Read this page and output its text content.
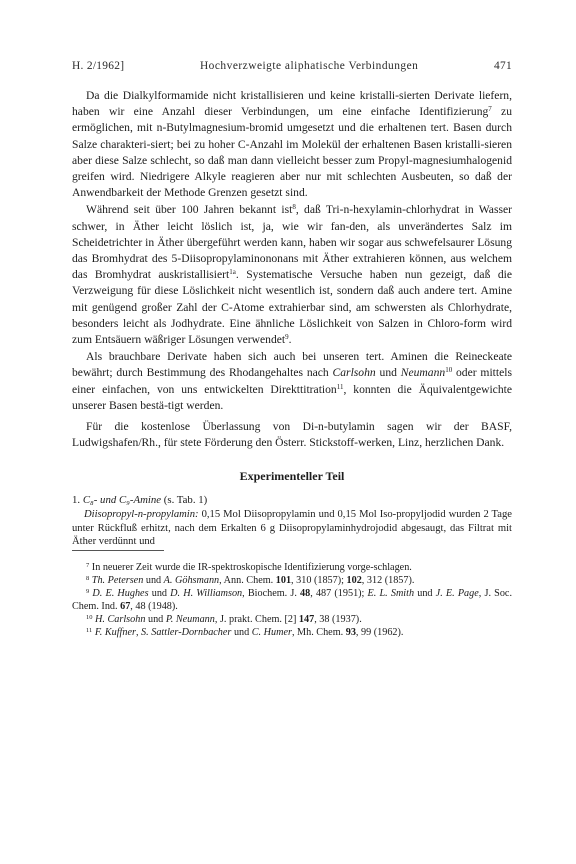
H. 2/1962]	Hochverzweigte aliphatische Verbindungen	471

Da die Dialkylformamide nicht kristallisieren und keine kristalli-sierten Derivate liefern, haben wir eine Anzahl dieser Verbindungen, um eine einfache Identifizierung$^7$ zu ermöglichen, mit n-Butylmagnesium-bromid umgesetzt und die erhaltenen tert. Basen durch Salze charakteri-siert; bei zu hoher C-Anzahl im Molekül der erhaltenen Basen kristalli-sieren aber diese Salze schlecht, so daß man dann vielleicht besser zum Propyl-magnesiumhalogenid greifen wird. Niedrigere Alkyle reagieren aber nur mit schlechten Ausbeuten, so daß der Anwendbarkeit der Methode Grenzen gesetzt sind.

Während seit über 100 Jahren bekannt ist$^8$, daß Tri-n-hexylamin-chlorhydrat in Wasser schwer, in Äther leicht löslich ist, ja, wie wir fan-den, als unverändertes Salz im Scheidetrichter in Äther übergeführt werden kann, haben wir sogar aus schwefelsaurer Lösung das Bromhydrat des 5-Diisopropylaminononans mit Äther extrahieren können, aus welchem das Bromhydrat auskristallisiert$^{1a}$. Systematische Versuche haben nun gezeigt, daß die Verzweigung für diese Löslichkeit nicht wesentlich ist, sondern daß auch andere tert. Amine mit genügend großer Zahl der C-Atome extrahierbar sind, am schwersten als Chlorhydrate, besonders leicht als Jodhydrate. Eine ähnliche Löslichkeit von Salzen in Chloro-form wird zum Entsäuern wäßriger Lösungen verwendet$^9$.

Als brauchbare Derivate haben sich auch bei unseren tert. Aminen die Reineckeate bewährt; durch Bestimmung des Rhodangehaltes nach Carlsohn und Neumann$^{10}$ oder mittels einer einfachen, von uns entwickelten Direkttitration$^{11}$, konnten die Äquivalentgewichte unserer Basen bestä-tigt werden.

Für die kostenlose Überlassung von Di-n-butylamin sagen wir der BASF, Ludwigshafen/Rh., für stete Förderung den Österr. Stickstoff-werken, Linz, herzlichen Dank.

Experimenteller Teil
1. C₈- und C₉-Amine (s. Tab. 1)

Diisopropyl-n-propylamin: 0,15 Mol Diisopropylamin und 0,15 Mol Iso-propyljodid wurden 2 Tage unter Rückfluß erhitzt, nach dem Erkalten 6 g Diisopropylaminhydrojodid abgesaugt, das Filtrat mit Äther verdünnt und

$^7$ In neuerer Zeit wurde die IR-spektroskopische Identifizierung vorge-schlagen.

$^8$ Th. Petersen und A. Göhsmann, Ann. Chem. 101, 310 (1857); 102, 312 (1857).

$^9$ D. E. Hughes und D. H. Williamson, Biochem. J. 48, 487 (1951); E. L. Smith und J. E. Page, J. Soc. Chem. Ind. 67, 48 (1948).

$^{10}$ H. Carlsohn und P. Neumann, J. prakt. Chem. [2] 147, 38 (1937).

$^{11}$ F. Kuffner, S. Sattler-Dornbacher und C. Humer, Mh. Chem. 93, 99 (1962).
